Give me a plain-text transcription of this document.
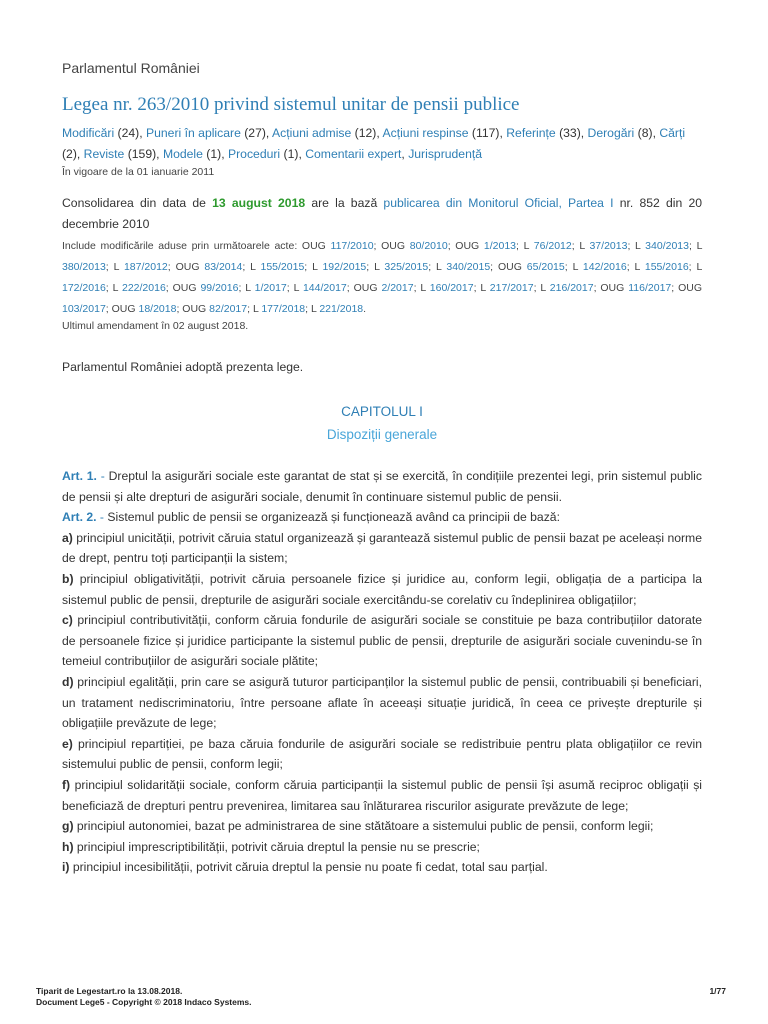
Parlamentul României
Legea nr. 263/2010 privind sistemul unitar de pensii publice
Modificări (24), Puneri în aplicare (27), Acțiuni admise (12), Acțiuni respinse (117), Referințe (33), Derogări (8), Cărți (2), Reviste (159), Modele (1), Proceduri (1), Comentarii expert, Jurisprudență
În vigoare de la 01 ianuarie 2011
Consolidarea din data de 13 august 2018 are la bază publicarea din Monitorul Oficial, Partea I nr. 852 din 20 decembrie 2010
Include modificările aduse prin următoarele acte: OUG 117/2010; OUG 80/2010; OUG 1/2013; L 76/2012; L 37/2013; L 340/2013; L 380/2013; L 187/2012; OUG 83/2014; L 155/2015; L 192/2015; L 325/2015; L 340/2015; OUG 65/2015; L 142/2016; L 155/2016; L 172/2016; L 222/2016; OUG 99/2016; L 1/2017; L 144/2017; OUG 2/2017; L 160/2017; L 217/2017; L 216/2017; OUG 116/2017; OUG 103/2017; OUG 18/2018; OUG 82/2017; L 177/2018; L 221/2018.
Ultimul amendament în 02 august 2018.
Parlamentul României adoptă prezenta lege.
CAPITOLUL I
Dispoziții generale

Art. 1. - Dreptul la asigurări sociale este garantat de stat și se exercită, în condițiile prezentei legi, prin sistemul public de pensii și alte drepturi de asigurări sociale, denumit în continuare sistemul public de pensii.

Art. 2. - Sistemul public de pensii se organizează și funcționează având ca principii de bază:

a) principiul unicității, potrivit căruia statul organizează și garantează sistemul public de pensii bazat pe aceleași norme de drept, pentru toți participanții la sistem;

b) principiul obligativității, potrivit căruia persoanele fizice și juridice au, conform legii, obligația de a participa la sistemul public de pensii, drepturile de asigurări sociale exercitându-se corelativ cu îndeplinirea obligațiilor;

c) principiul contributivității, conform căruia fondurile de asigurări sociale se constituie pe baza contribuțiilor datorate de persoanele fizice și juridice participante la sistemul public de pensii, drepturile de asigurări sociale cuvenindu-se în temeiul contribuțiilor de asigurări sociale plătite;

d) principiul egalității, prin care se asigură tuturor participanților la sistemul public de pensii, contribuabili și beneficiari, un tratament nediscriminatoriu, între persoane aflate în aceeași situație juridică, în ceea ce privește drepturile și obligațiile prevăzute de lege;

e) principiul repartiției, pe baza căruia fondurile de asigurări sociale se redistribuie pentru plata obligațiilor ce revin sistemului public de pensii, conform legii;

f) principiul solidarității sociale, conform căruia participanții la sistemul public de pensii își asumă reciproc obligații și beneficiază de drepturi pentru prevenirea, limitarea sau înlăturarea riscurilor asigurate prevăzute de lege;

g) principiul autonomiei, bazat pe administrarea de sine stătătoare a sistemului public de pensii, conform legii;

h) principiul imprescriptibilității, potrivit căruia dreptul la pensie nu se prescrie;

i) principiul incesibilității, potrivit căruia dreptul la pensie nu poate fi cedat, total sau parțial.

1/77
Tiparit de Legestart.ro la 13.08.2018.
Document Lege5 - Copyright © 2018 Indaco Systems.
